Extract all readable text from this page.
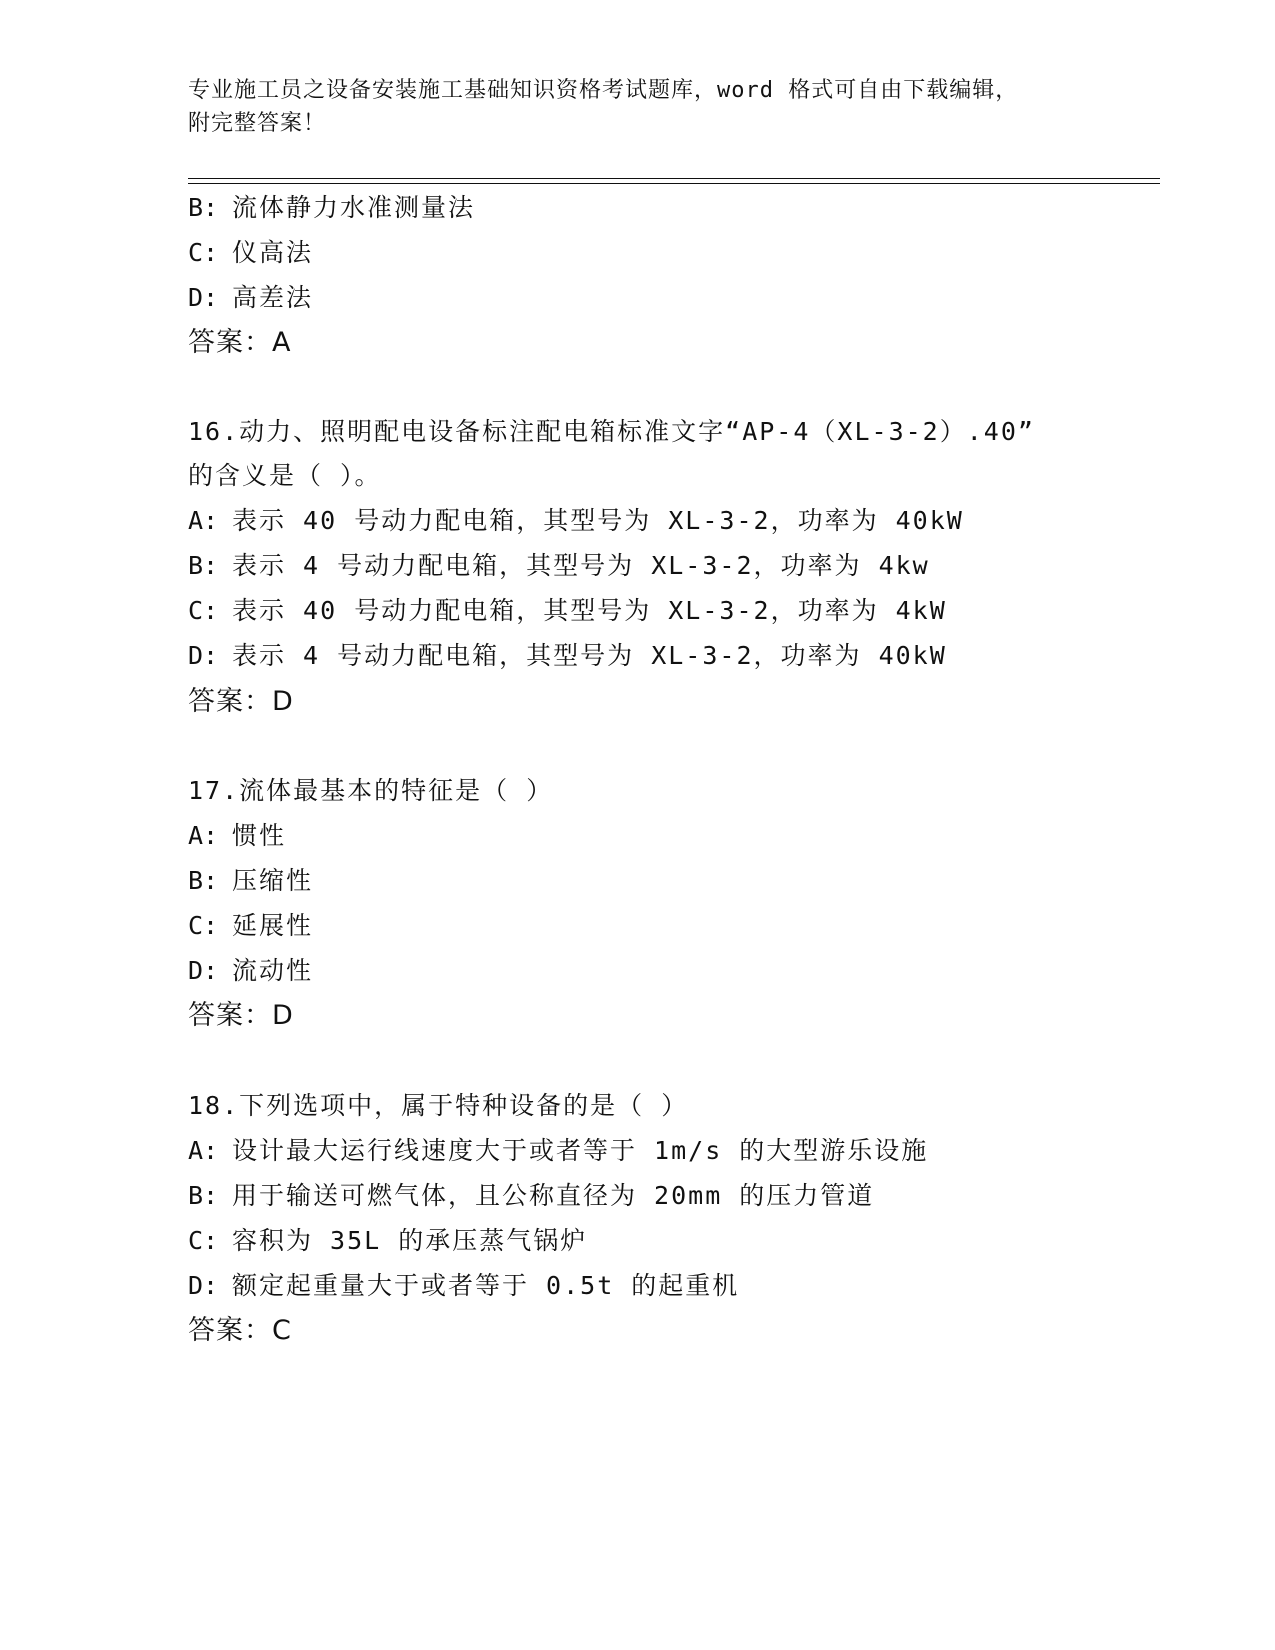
专业施工员之设备安装施工基础知识资格考试题库，word 格式可自由下载编辑，
附完整答案！
B: 流体静力水准测量法
C: 仪高法
D: 高差法
答案：A
16.动力、照明配电设备标注配电箱标准文字“AP-4（XL-3-2）.40”
的含义是（ ）。
A: 表示 40 号动力配电箱，其型号为 XL-3-2，功率为 40kW
B: 表示 4 号动力配电箱，其型号为 XL-3-2，功率为 4kw
C: 表示 40 号动力配电箱，其型号为 XL-3-2，功率为 4kW
D: 表示 4 号动力配电箱，其型号为 XL-3-2，功率为 40kW
答案：D
17.流体最基本的特征是（ ）
A: 惯性
B: 压缩性
C: 延展性
D: 流动性
答案：D
18.下列选项中，属于特种设备的是（ ）
A: 设计最大运行线速度大于或者等于 1m/s 的大型游乐设施
B: 用于输送可燃气体，且公称直径为 20mm 的压力管道
C: 容积为 35L 的承压蒸气锅炉
D: 额定起重量大于或者等于 0.5t 的起重机
答案：C
